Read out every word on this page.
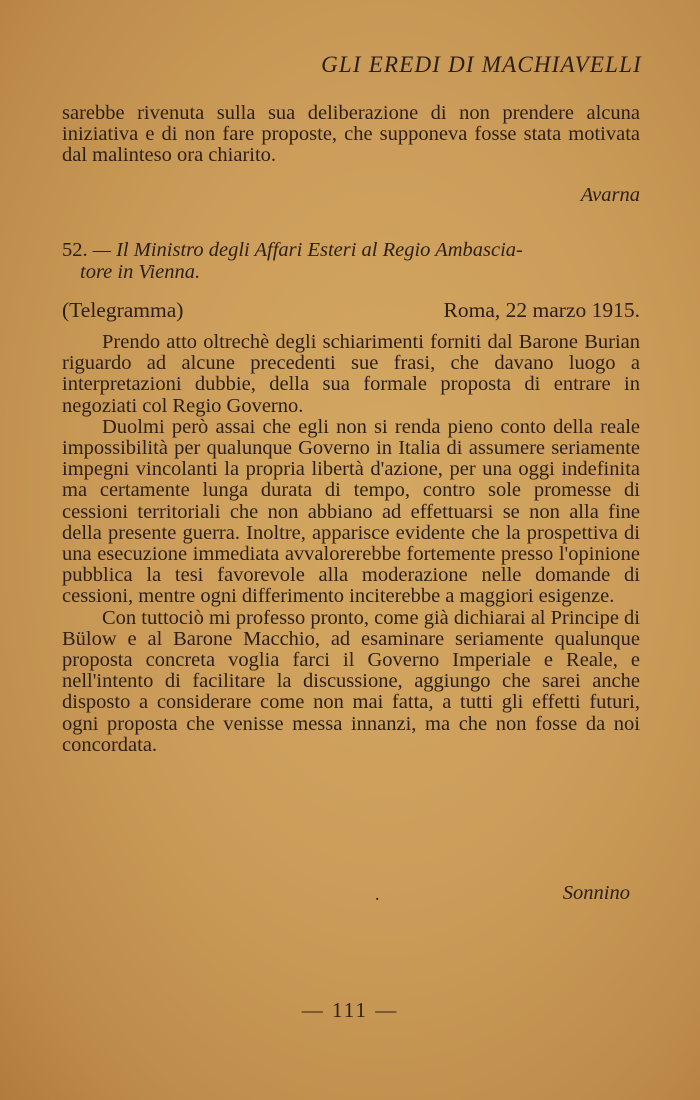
GLI EREDI DI MACHIAVELLI
sarebbe rivenuta sulla sua deliberazione di non prendere alcuna iniziativa e di non fare proposte, che supponeva fosse stata motivata dal malinteso ora chiarito.
Avarna
52. — Il Ministro degli Affari Esteri al Regio Ambascia-
tore in Vienna.
(Telegramma)	Roma, 22 marzo 1915.

Prendo atto oltrechè degli schiarimenti forniti dal Barone Burian riguardo ad alcune precedenti sue frasi, che davano luogo a interpretazioni dubbie, della sua formale proposta di entrare in negoziati col Regio Governo.

Duolmi però assai che egli non si renda pieno conto della reale impossibilità per qualunque Governo in Italia di assumere seriamente impegni vincolanti la propria libertà d'azione, per una oggi indefinita ma certamente lunga durata di tempo, contro sole promesse di cessioni territoriali che non abbiano ad effettuarsi se non alla fine della presente guerra. Inoltre, apparisce evidente che la prospettiva di una esecuzione immediata avvalorerebbe fortemente presso l'opinione pubblica la tesi favorevole alla moderazione nelle domande di cessioni, mentre ogni differimento inciterebbe a maggiori esigenze.

Con tuttociò mi professo pronto, come già dichiarai al Principe di Bülow e al Barone Macchio, ad esaminare seriamente qualunque proposta concreta voglia farci il Governo Imperiale e Reale, e nell'intento di facilitare la discussione, aggiungo che sarei anche disposto a considerare come non mai fatta, a tutti gli effetti futuri, ogni proposta che venisse messa innanzi, ma che non fosse da noi concordata.

.	Sonnino
— 111 —
